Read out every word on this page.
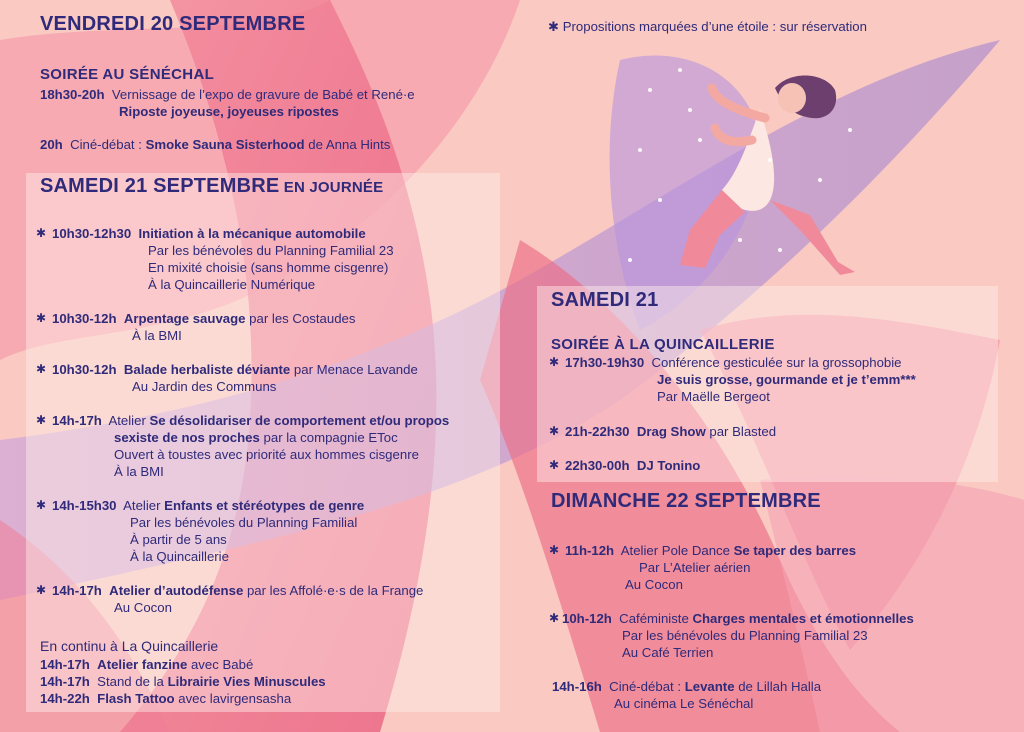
✱ Propositions marquées d’une étoile : sur réservation
VENDREDI 20 SEPTEMBRE
SOIRÉE AU SÉNÉCHAL
18h30-20h Vernissage de l’expo de gravure de Babé et René·e
Riposte joyeuse, joyeuses ripostes
20h Ciné-débat : Smoke Sauna Sisterhood de Anna Hints
SAMEDI 21 SEPTEMBRE EN JOURNÉE
✱ 10h30-12h30 Initiation à la mécanique automobile
Par les bénévoles du Planning Familial 23
En mixité choisie (sans homme cisgenre)
À la Quincaillerie Numérique
✱ 10h30-12h Arpentage sauvage par les Costaudes
À la BMI
✱ 10h30-12h Balade herbaliste déviante par Menace Lavande
Au Jardin des Communs
✱ 14h-17h Atelier Se désolidariser de comportement et/ou propos
sexiste de nos proches par la compagnie EToc
Ouvert à toustes avec priorité aux hommes cisgenre
À la BMI
✱ 14h-15h30 Atelier Enfants et stéréotypes de genre
Par les bénévoles du Planning Familial
À partir de 5 ans
À la Quincaillerie
✱ 14h-17h Atelier d’autodéfense par les Affolé·e·s de la Frange
Au Cocon
En continu à La Quincaillerie
14h-17h Atelier fanzine avec Babé
14h-17h Stand de la Librairie Vies Minuscules
14h-22h Flash Tattoo avec lavirgensasha
SAMEDI 21
SOIRÉE À LA QUINCAILLERIE
✱ 17h30-19h30 Conférence gesticulée sur la grossophobie
Je suis grosse, gourmande et je t’emm***
Par Maëlle Bergeot
✱ 21h-22h30 Drag Show par Blasted
✱ 22h30-00h DJ Tonino
DIMANCHE 22 SEPTEMBRE
✱ 11h-12h Atelier Pole Dance Se taper des barres
Par L’Atelier aérien
Au Cocon
✱ 10h-12h Caféministe Charges mentales et émotionnelles
Par les bénévoles du Planning Familial 23
Au Café Terrien
14h-16h Ciné-débat : Levante de Lillah Halla
Au cinéma Le Sénéchal
